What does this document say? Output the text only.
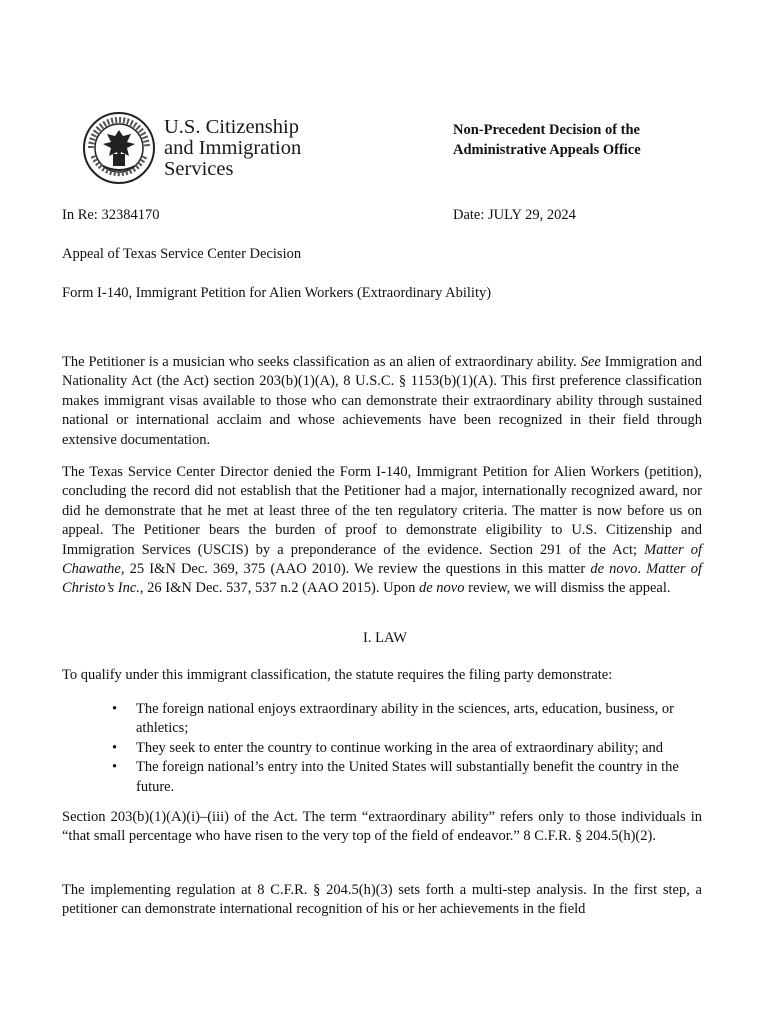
U.S. Citizenship
and Immigration
Services
Non-Precedent Decision of the
Administrative Appeals Office
In Re: 32384170	Date: JULY 29, 2024
Appeal of Texas Service Center Decision
Form I-140, Immigrant Petition for Alien Workers (Extraordinary Ability)
The Petitioner is a musician who seeks classification as an alien of extraordinary ability. See Immigration and Nationality Act (the Act) section 203(b)(1)(A), 8 U.S.C. § 1153(b)(1)(A). This first preference classification makes immigrant visas available to those who can demonstrate their extraordinary ability through sustained national or international acclaim and whose achievements have been recognized in their field through extensive documentation.
The Texas Service Center Director denied the Form I-140, Immigrant Petition for Alien Workers (petition), concluding the record did not establish that the Petitioner had a major, internationally recognized award, nor did he demonstrate that he met at least three of the ten regulatory criteria. The matter is now before us on appeal. The Petitioner bears the burden of proof to demonstrate eligibility to U.S. Citizenship and Immigration Services (USCIS) by a preponderance of the evidence. Section 291 of the Act; Matter of Chawathe, 25 I&N Dec. 369, 375 (AAO 2010). We review the questions in this matter de novo. Matter of Christo’s Inc., 26 I&N Dec. 537, 537 n.2 (AAO 2015). Upon de novo review, we will dismiss the appeal.
I. LAW
To qualify under this immigrant classification, the statute requires the filing party demonstrate:
• The foreign national enjoys extraordinary ability in the sciences, arts, education, business, or athletics;
• They seek to enter the country to continue working in the area of extraordinary ability; and
• The foreign national’s entry into the United States will substantially benefit the country in the future.
Section 203(b)(1)(A)(i)–(iii) of the Act. The term “extraordinary ability” refers only to those individuals in “that small percentage who have risen to the very top of the field of endeavor.” 8 C.F.R. § 204.5(h)(2).
The implementing regulation at 8 C.F.R. § 204.5(h)(3) sets forth a multi-step analysis. In the first step, a petitioner can demonstrate international recognition of his or her achievements in the field
